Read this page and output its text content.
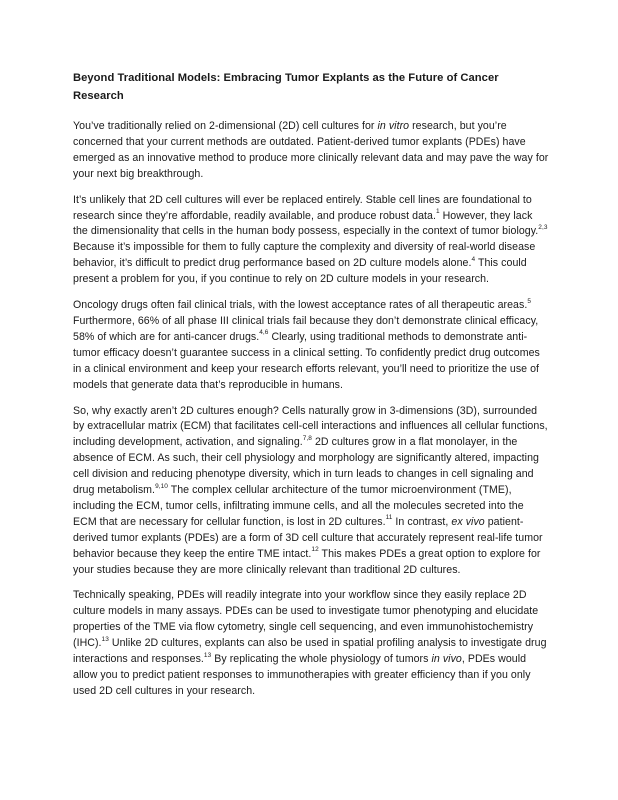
Beyond Traditional Models: Embracing Tumor Explants as the Future of Cancer Research

You’ve traditionally relied on 2-dimensional (2D) cell cultures for in vitro research, but you’re concerned that your current methods are outdated. Patient-derived tumor explants (PDEs) have emerged as an innovative method to produce more clinically relevant data and may pave the way for your next big breakthrough.

It’s unlikely that 2D cell cultures will ever be replaced entirely. Stable cell lines are foundational to research since they’re affordable, readily available, and produce robust data.$^1$ However, they lack the dimensionality that cells in the human body possess, especially in the context of tumor biology.$^{2,3}$ Because it’s impossible for them to fully capture the complexity and diversity of real-world disease behavior, it’s difficult to predict drug performance based on 2D culture models alone.$^4$ This could present a problem for you, if you continue to rely on 2D culture models in your research.

Oncology drugs often fail clinical trials, with the lowest acceptance rates of all therapeutic areas.$^5$ Furthermore, 66% of all phase III clinical trials fail because they don’t demonstrate clinical efficacy, 58% of which are for anti-cancer drugs.$^{4,6}$ Clearly, using traditional methods to demonstrate anti-tumor efficacy doesn’t guarantee success in a clinical setting. To confidently predict drug outcomes in a clinical environment and keep your research efforts relevant, you’ll need to prioritize the use of models that generate data that’s reproducible in humans.

So, why exactly aren’t 2D cultures enough? Cells naturally grow in 3-dimensions (3D), surrounded by extracellular matrix (ECM) that facilitates cell-cell interactions and influences all cellular functions, including development, activation, and signaling.$^{7,8}$ 2D cultures grow in a flat monolayer, in the absence of ECM. As such, their cell physiology and morphology are significantly altered, impacting cell division and reducing phenotype diversity, which in turn leads to changes in cell signaling and drug metabolism.$^{9,10}$ The complex cellular architecture of the tumor microenvironment (TME), including the ECM, tumor cells, infiltrating immune cells, and all the molecules secreted into the ECM that are necessary for cellular function, is lost in 2D cultures.$^{11}$ In contrast, ex vivo patient-derived tumor explants (PDEs) are a form of 3D cell culture that accurately represent real-life tumor behavior because they keep the entire TME intact.$^{12}$ This makes PDEs a great option to explore for your studies because they are more clinically relevant than traditional 2D cultures.

Technically speaking, PDEs will readily integrate into your workflow since they easily replace 2D culture models in many assays. PDEs can be used to investigate tumor phenotyping and elucidate properties of the TME via flow cytometry, single cell sequencing, and even immunohistochemistry (IHC).$^{13}$ Unlike 2D cultures, explants can also be used in spatial profiling analysis to investigate drug interactions and responses.$^{13}$ By replicating the whole physiology of tumors in vivo, PDEs would allow you to predict patient responses to immunotherapies with greater efficiency than if you only used 2D cell cultures in your research.
